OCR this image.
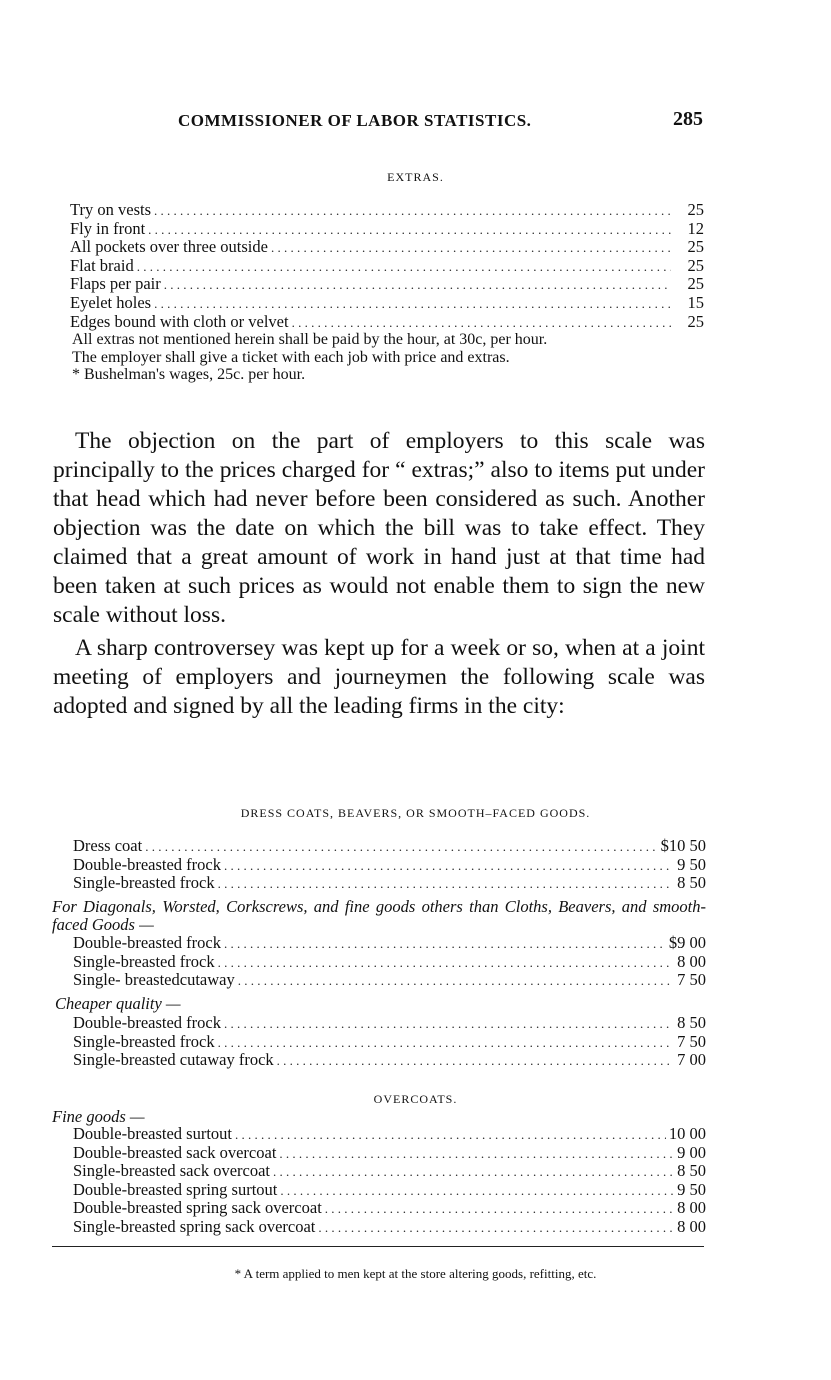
COMMISSIONER OF LABOR STATISTICS.	285
EXTRAS.
Try on vests . . .	25
Fly in front . . .	12
All pockets over three outside . . .	25
Flat braid . . .	25
Flaps per pair . . .	25
Eyelet holes . . .	15
Edges bound with cloth or velvet . . .	25

All extras not mentioned herein shall be paid by the hour, at 30c, per hour.

The employer shall give a ticket with each job with price and extras.

* Bushelman's wages, 25c. per hour.

The objection on the part of employers to this scale was principally to the prices charged for “ extras;” also to items put under that head which had never before been considered as such. Another objection was the date on which the bill was to take effect. They claimed that a great amount of work in hand just at that time had been taken at such prices as would not enable them to sign the new scale without loss.

A sharp controversey was kept up for a week or so, when at a joint meeting of employers and journeymen the following scale was adopted and signed by all the leading firms in the city:

DRESS COATS, BEAVERS, OR SMOOTH–FACED GOODS.
Dress coat . . .	$10 50
Double-breasted frock . . .	9 50
Single-breasted frock . . .	8 50
For Diagonals, Worsted, Corkscrews, and fine goods others than Cloths, Beavers, and smooth-faced Goods —
Double-breasted frock . . .	$9 00
Single-breasted frock . . .	8 00
Single- breastedcutaway . . .	7 50
Cheaper quality —
Double-breasted frock . . .	8 50
Single-breasted frock . . .	7 50
Single-breasted cutaway frock . . .	7 00
OVERCOATS.
Fine goods —
Double-breasted surtout . . .	10 00
Double-breasted sack overcoat . . .	9 00
Single-breasted sack overcoat . . .	8 50
Double-breasted spring surtout . . .	9 50
Double-breasted spring sack overcoat . . .	8 00
Single-breasted spring sack overcoat . . .	8 00
* A term applied to men kept at the store altering goods, refitting, etc.
